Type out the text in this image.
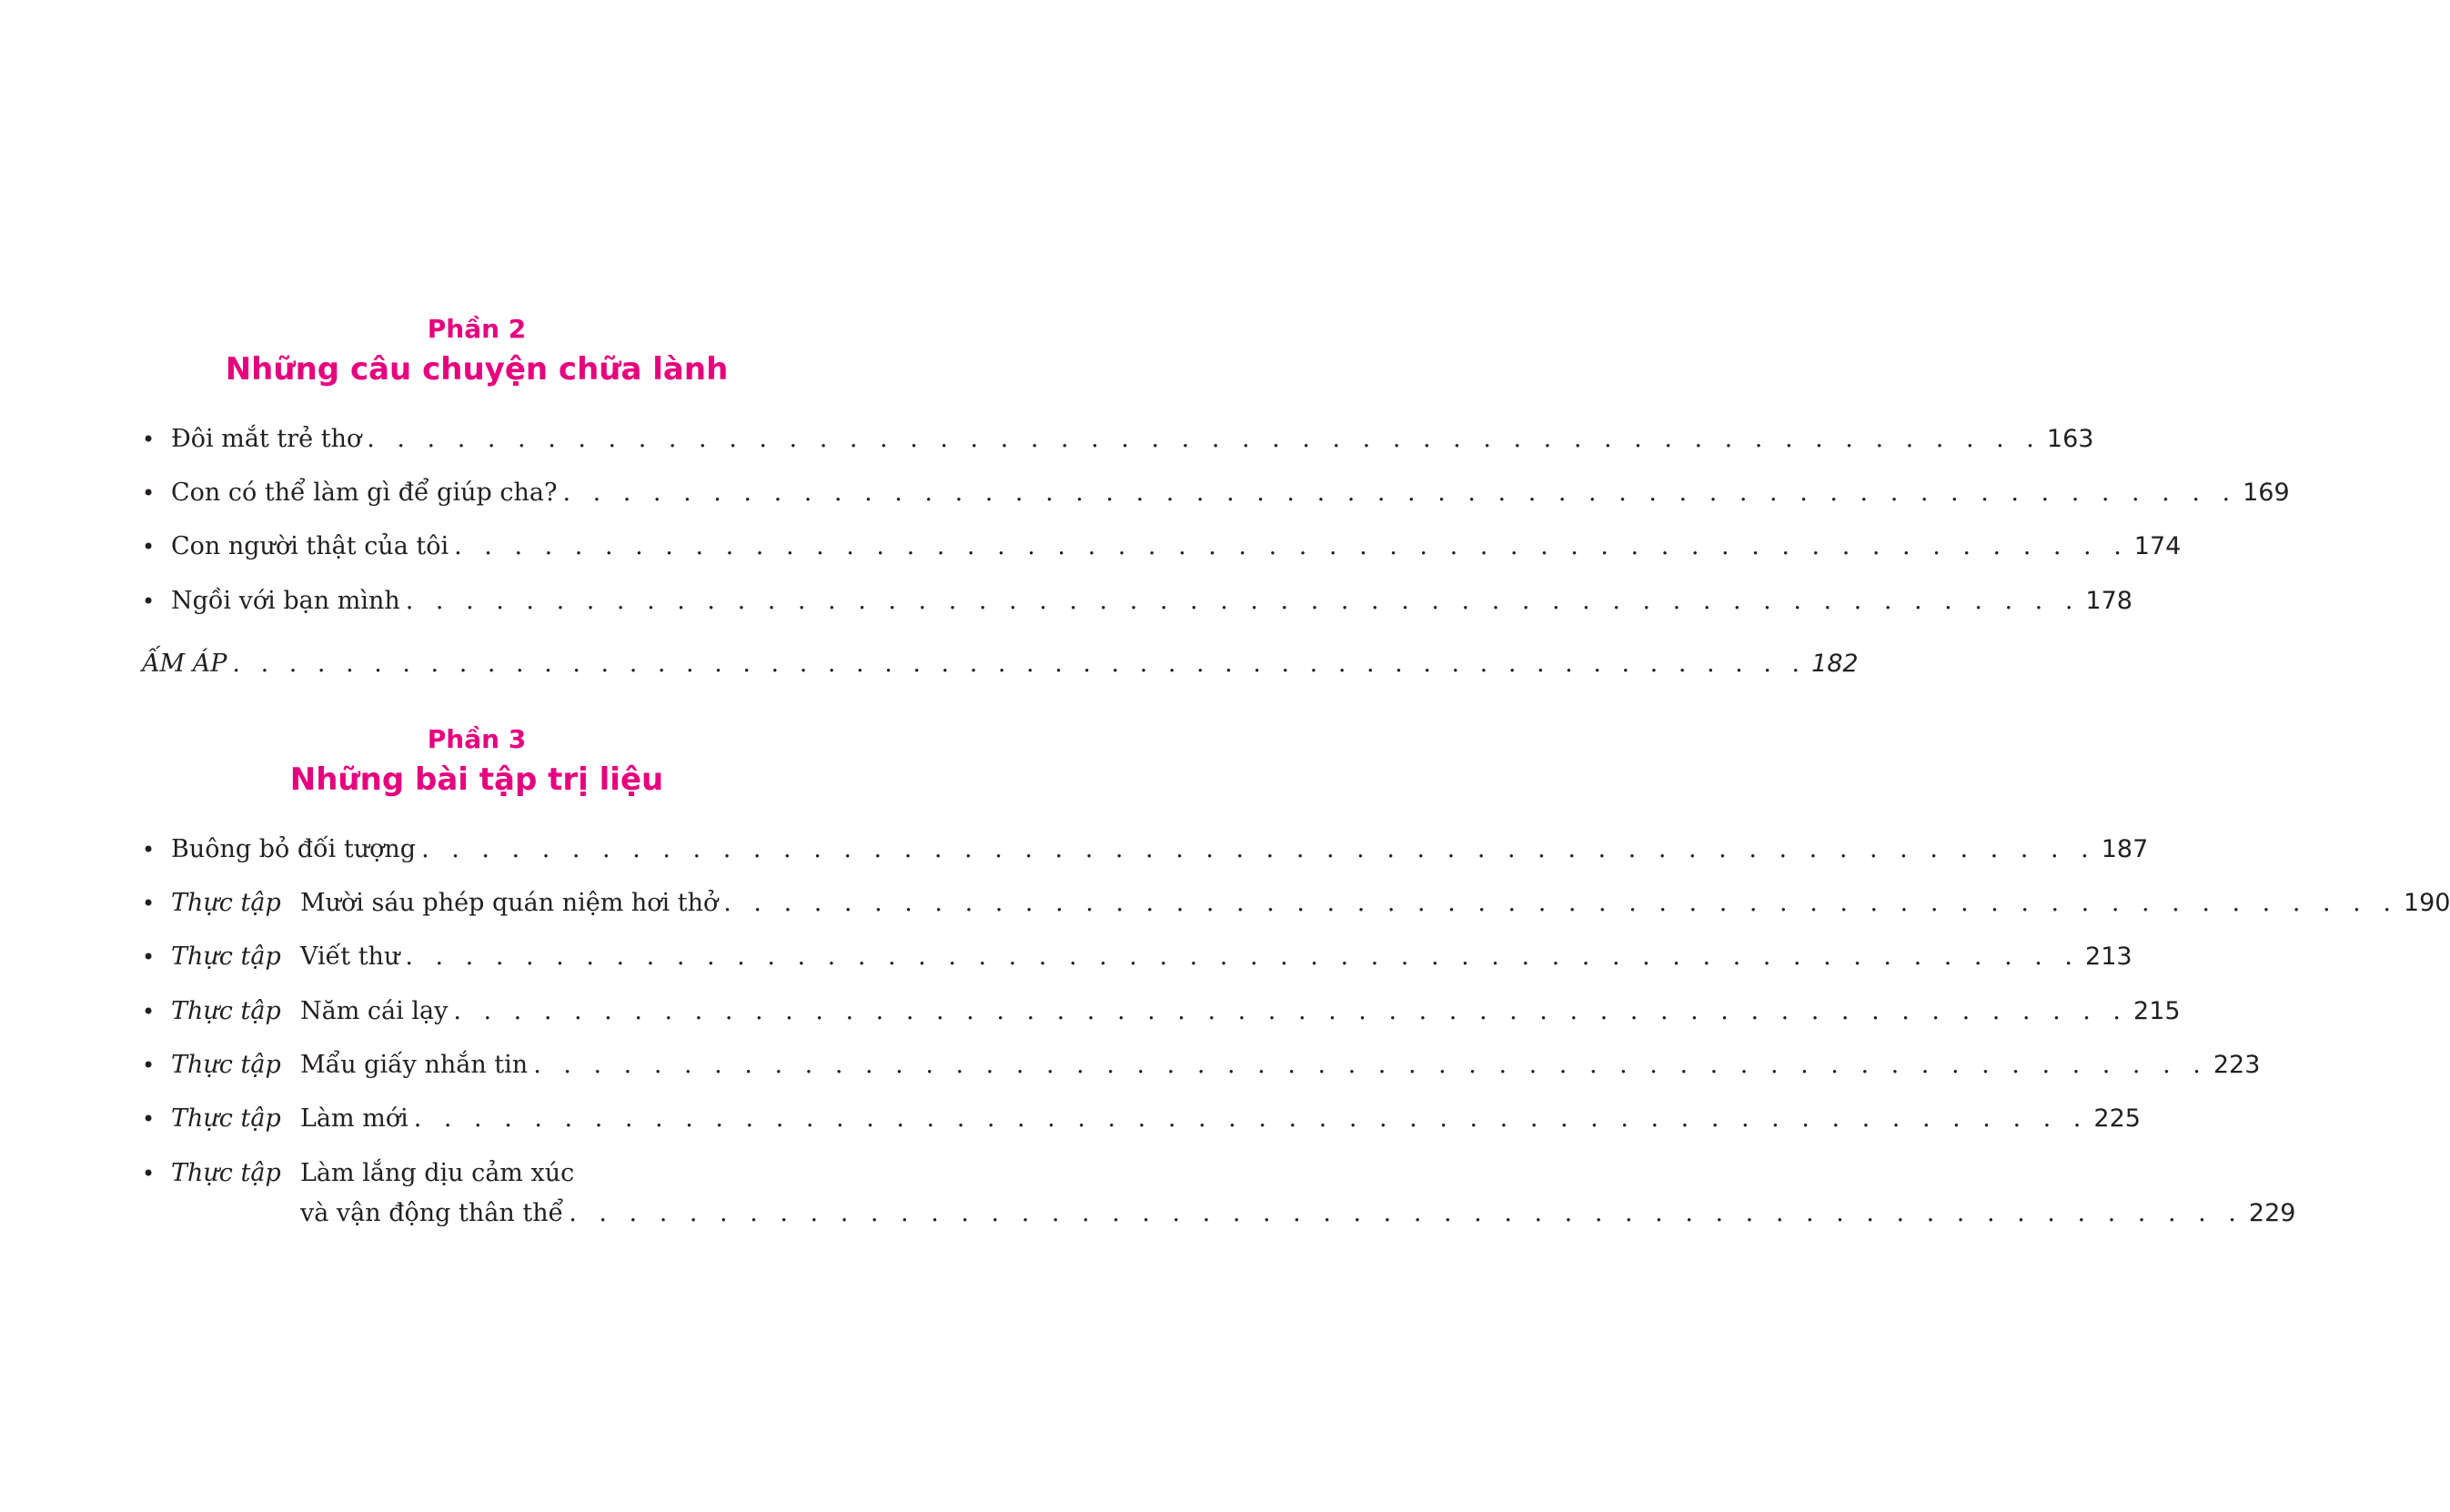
Phần 2
Những câu chuyện chữa lành
• Đôi mắt trẻ thơ . . . . . . . . . . . . . . . . . . . . . . . . . . . . . . . . . . . . . . . . . . . . . . . . . . . . . . . . 163
• Con có thể làm gì để giúp cha? . . . . . . . . . . . . . . . . . . . . . . . . . . . . . . . . . . . . . . . . . . . . . . . . . . . . . . . . 169
• Con người thật của tôi . . . . . . . . . . . . . . . . . . . . . . . . . . . . . . . . . . . . . . . . . . . . . . . . . . . . . . . . 174
• Ngồi với bạn mình . . . . . . . . . . . . . . . . . . . . . . . . . . . . . . . . . . . . . . . . . . . . . . . . . . . . . . . . 178
ẤM ÁP . . . . . . . . . . . . . . . . . . . . . . . . . . . . . . . . . . . . . . . . . . . . . . . . . . . . . . . . 182
Phần 3
Những bài tập trị liệu
• Buông bỏ đối tượng . . . . . . . . . . . . . . . . . . . . . . . . . . . . . . . . . . . . . . . . . . . . . . . . . . . . . . . . 187
• Thực tập Mười sáu phép quán niệm hơi thở . . . . . . . . . . . . . . . . . . . . . . . . . . . . . . . . . . . . . . . . . . . . . . . . . . . . . . . . 190
• Thực tập Viết thư . . . . . . . . . . . . . . . . . . . . . . . . . . . . . . . . . . . . . . . . . . . . . . . . . . . . . . . . 213
• Thực tập Năm cái lạy . . . . . . . . . . . . . . . . . . . . . . . . . . . . . . . . . . . . . . . . . . . . . . . . . . . . . . . . 215
• Thực tập Mẩu giấy nhắn tin . . . . . . . . . . . . . . . . . . . . . . . . . . . . . . . . . . . . . . . . . . . . . . . . . . . . . . . . 223
• Thực tập Làm mới . . . . . . . . . . . . . . . . . . . . . . . . . . . . . . . . . . . . . . . . . . . . . . . . . . . . . . . . 225
• Thực tập Làm lắng dịu cảm xúc
và vận động thân thể . . . . . . . . . . . . . . . . . . . . . . . . . . . . . . . . . . . . . . . . . . . . . . . . . . . . . . . . 229
